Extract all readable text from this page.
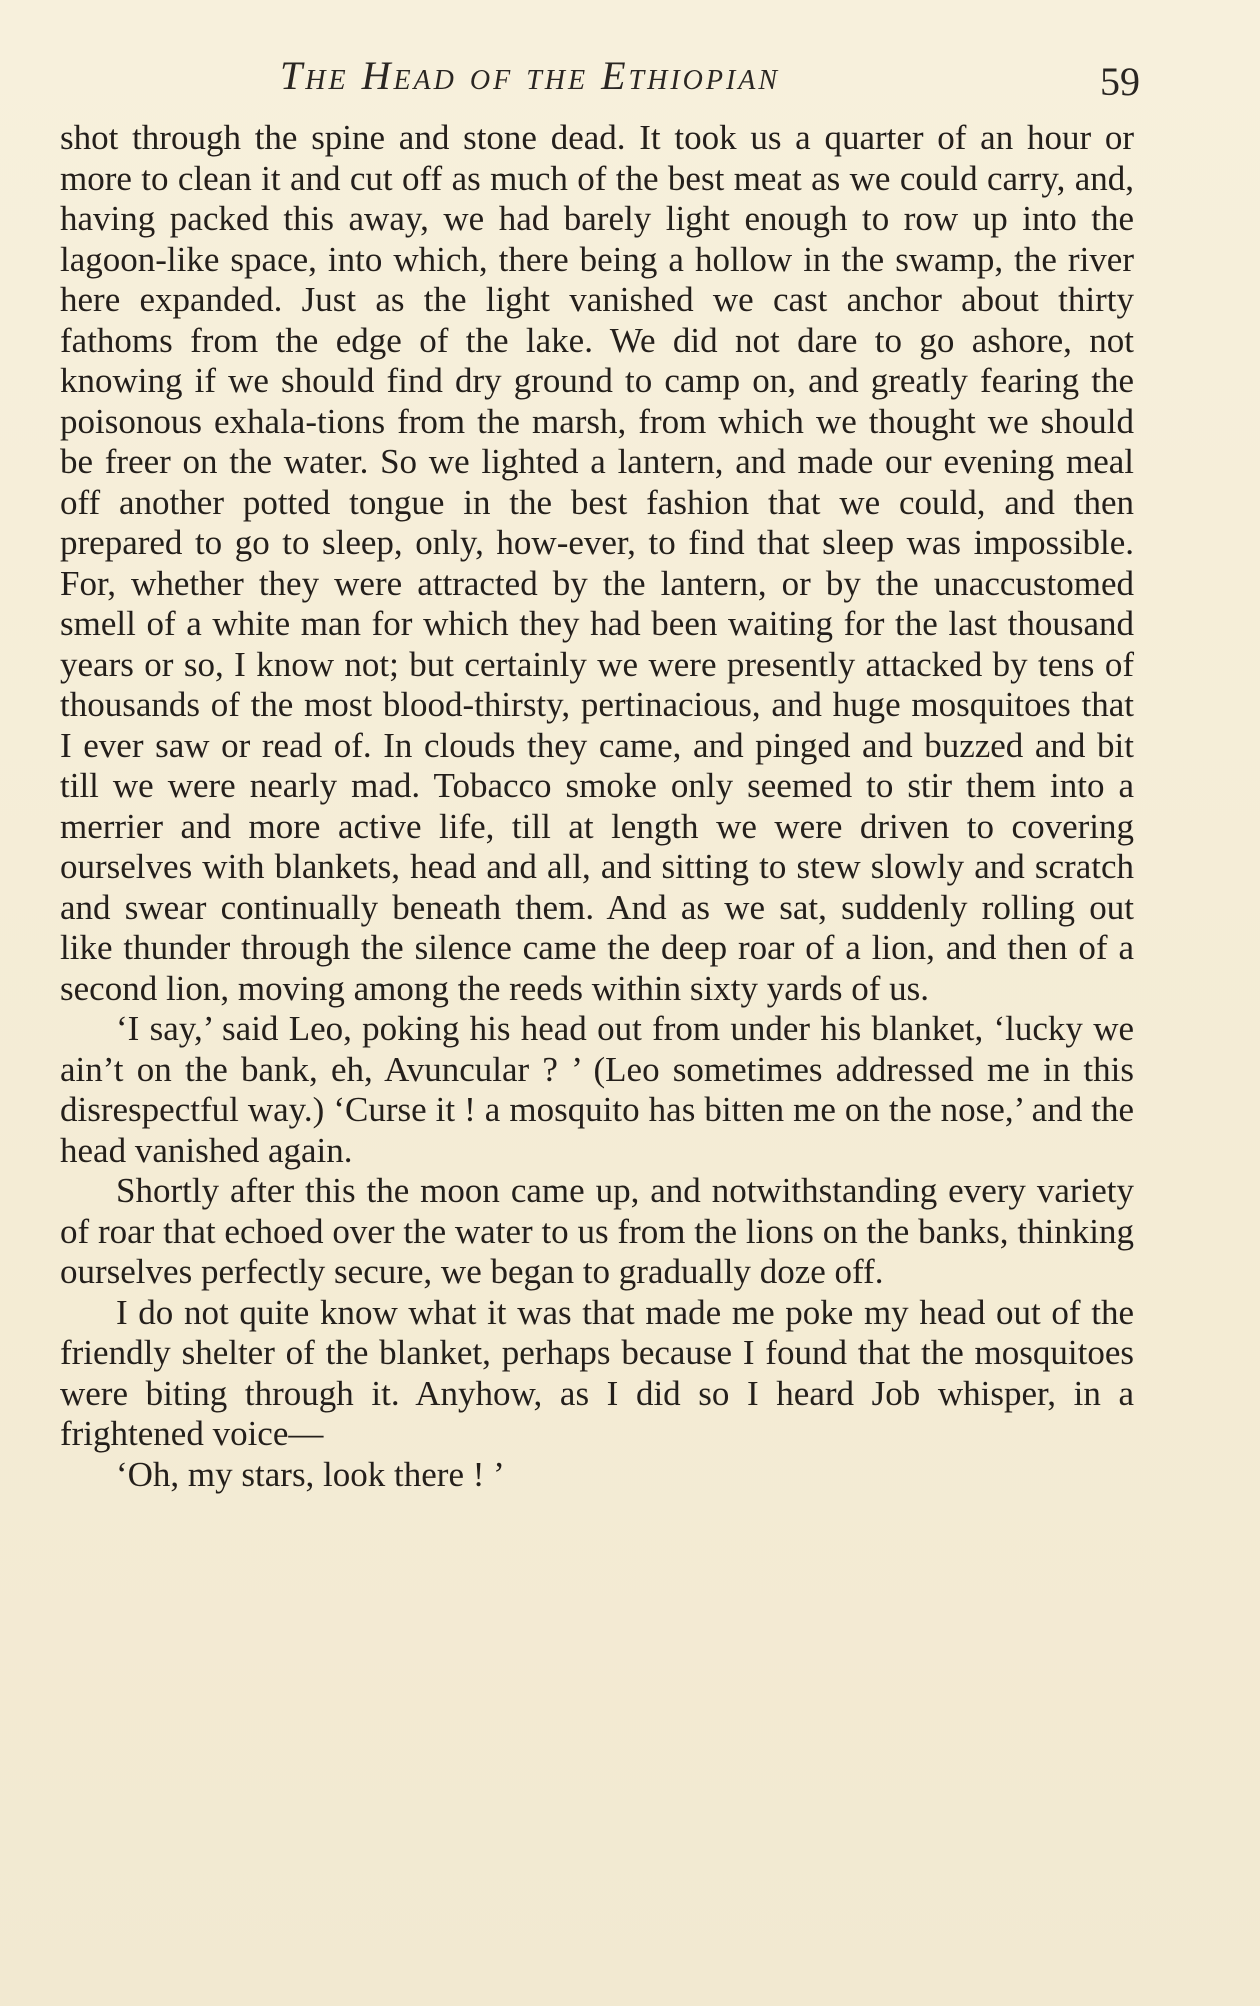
The Head of the Ethiopian	59

shot through the spine and stone dead. It took us a quarter of an hour or more to clean it and cut off as much of the best meat as we could carry, and, having packed this away, we had barely light enough to row up into the lagoon-like space, into which, there being a hollow in the swamp, the river here expanded. Just as the light vanished we cast anchor about thirty fathoms from the edge of the lake. We did not dare to go ashore, not knowing if we should find dry ground to camp on, and greatly fearing the poisonous exhala-tions from the marsh, from which we thought we should be freer on the water. So we lighted a lantern, and made our evening meal off another potted tongue in the best fashion that we could, and then prepared to go to sleep, only, how-ever, to find that sleep was impossible. For, whether they were attracted by the lantern, or by the unaccustomed smell of a white man for which they had been waiting for the last thousand years or so, I know not; but certainly we were presently attacked by tens of thousands of the most blood-thirsty, pertinacious, and huge mosquitoes that I ever saw or read of. In clouds they came, and pinged and buzzed and bit till we were nearly mad. Tobacco smoke only seemed to stir them into a merrier and more active life, till at length we were driven to covering ourselves with blankets, head and all, and sitting to stew slowly and scratch and swear continually beneath them. And as we sat, suddenly rolling out like thunder through the silence came the deep roar of a lion, and then of a second lion, moving among the reeds within sixty yards of us.

‘I say,’ said Leo, poking his head out from under his blanket, ‘lucky we ain’t on the bank, eh, Avuncular ? ’ (Leo sometimes addressed me in this disrespectful way.) ‘Curse it ! a mosquito has bitten me on the nose,’ and the head vanished again.

Shortly after this the moon came up, and notwithstanding every variety of roar that echoed over the water to us from the lions on the banks, thinking ourselves perfectly secure, we began to gradually doze off.

I do not quite know what it was that made me poke my head out of the friendly shelter of the blanket, perhaps because I found that the mosquitoes were biting through it. Anyhow, as I did so I heard Job whisper, in a frightened voice—

‘Oh, my stars, look there ! ’
